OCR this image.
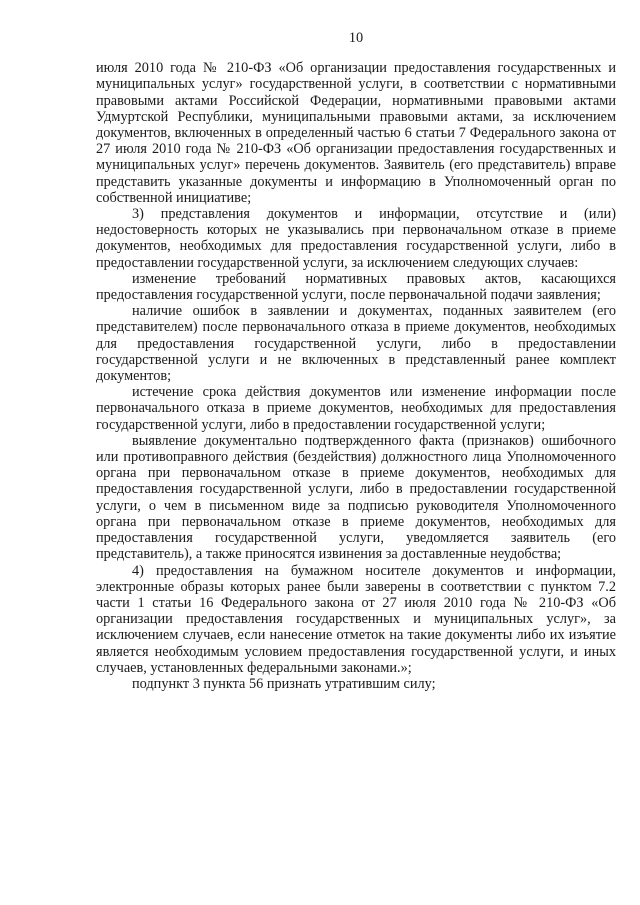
10

июля 2010 года № 210-ФЗ «Об организации предоставления государственных и муниципальных услуг» государственной услуги, в соответствии с нормативными правовыми актами Российской Федерации, нормативными правовыми актами Удмуртской Республики, муниципальными правовыми актами, за исключением документов, включенных в определенный частью 6 статьи 7 Федерального закона от 27 июля 2010 года № 210-ФЗ «Об организации предоставления государственных и муниципальных услуг» перечень документов. Заявитель (его представитель) вправе представить указанные документы и информацию в Уполномоченный орган по собственной инициативе;

3) представления документов и информации, отсутствие и (или) недостоверность которых не указывались при первоначальном отказе в приеме документов, необходимых для предоставления государственной услуги, либо в предоставлении государственной услуги, за исключением следующих случаев:

изменение требований нормативных правовых актов, касающихся предоставления государственной услуги, после первоначальной подачи заявления;

наличие ошибок в заявлении и документах, поданных заявителем (его представителем) после первоначального отказа в приеме документов, необходимых для предоставления государственной услуги, либо в предоставлении государственной услуги и не включенных в представленный ранее комплект документов;

истечение срока действия документов или изменение информации после первоначального отказа в приеме документов, необходимых для предоставления государственной услуги, либо в предоставлении государственной услуги;

выявление документально подтвержденного факта (признаков) ошибочного или противоправного действия (бездействия) должностного лица Уполномоченного органа при первоначальном отказе в приеме документов, необходимых для предоставления государственной услуги, либо в предоставлении государственной услуги, о чем в письменном виде за подписью руководителя Уполномоченного органа при первоначальном отказе в приеме документов, необходимых для предоставления государственной услуги, уведомляется заявитель (его представитель), а также приносятся извинения за доставленные неудобства;

4) предоставления на бумажном носителе документов и информации, электронные образы которых ранее были заверены в соответствии с пунктом 7.2 части 1 статьи 16 Федерального закона от 27 июля 2010 года № 210-ФЗ «Об организации предоставления государственных и муниципальных услуг», за исключением случаев, если нанесение отметок на такие документы либо их изъятие является необходимым условием предоставления государственной услуги, и иных случаев, установленных федеральными законами.»;

подпункт 3 пункта 56 признать утратившим силу;
